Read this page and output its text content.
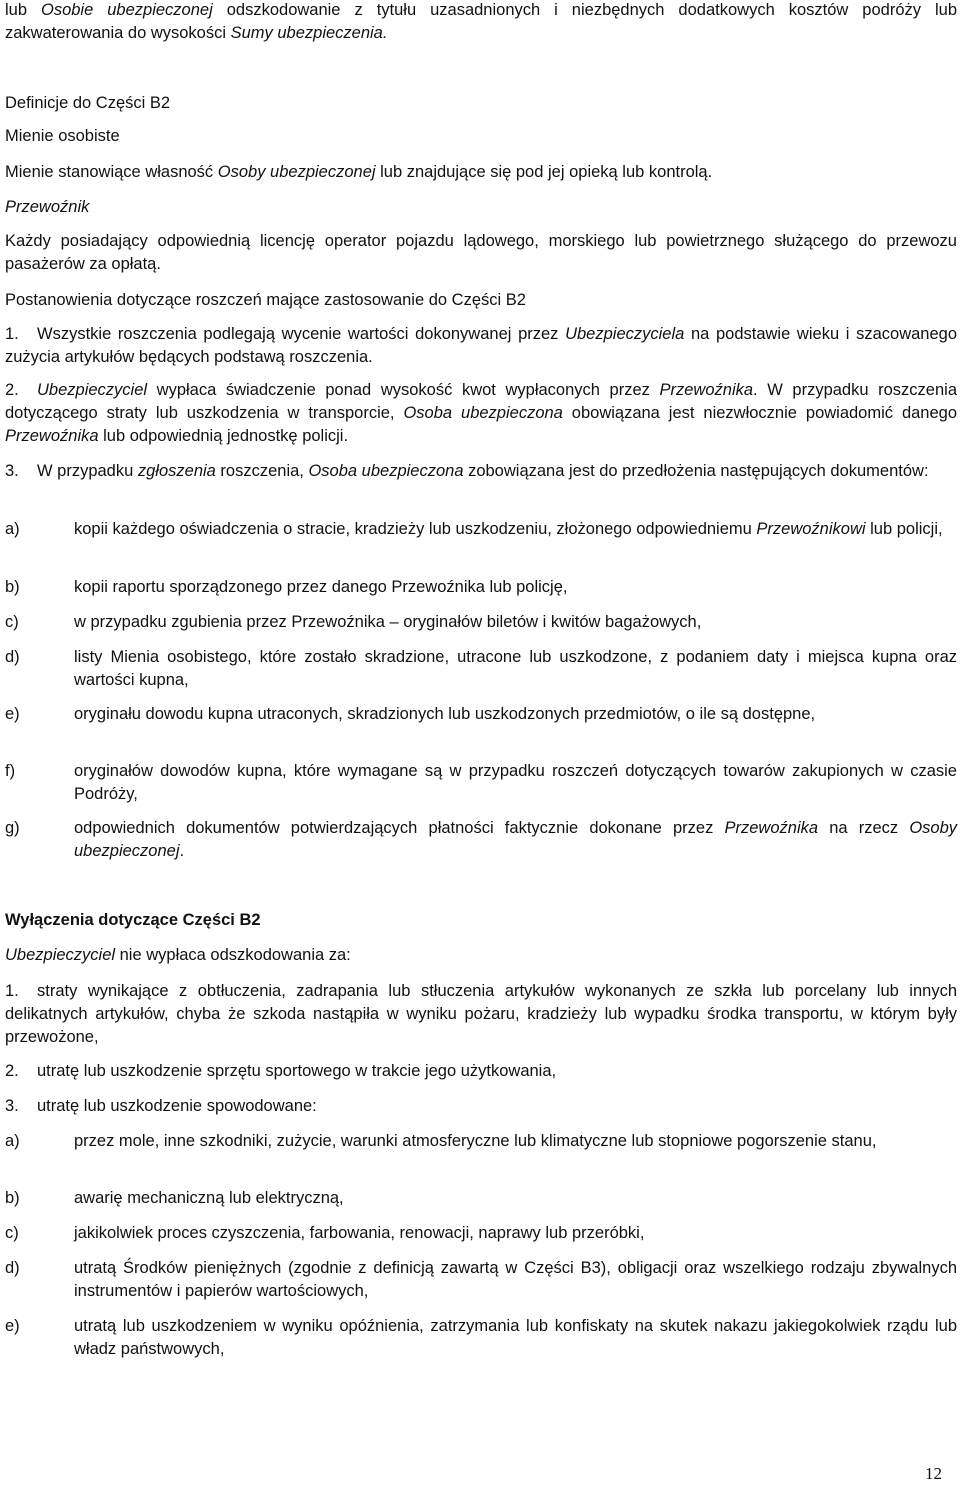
lub Osobie ubezpieczonej odszkodowanie z tytułu uzasadnionych i niezbędnych dodatkowych kosztów podróży lub zakwaterowania do wysokości Sumy ubezpieczenia.

Definicje do Części B2
Mienie osobiste
Mienie stanowiące własność Osoby ubezpieczonej lub znajdujące się pod jej opieką lub kontrolą.
Przewoźnik

Każdy posiadający odpowiednią licencję operator pojazdu lądowego, morskiego lub powietrznego służącego do przewozu pasażerów za opłatą.

Postanowienia dotyczące roszczeń mające zastosowanie do Części B2
1. Wszystkie roszczenia podlegają wycenie wartości dokonywanej przez Ubezpieczyciela na podstawie wieku i szacowanego zużycia artykułów będących podstawą roszczenia.
2. Ubezpieczyciel wypłaca świadczenie ponad wysokość kwot wypłaconych przez Przewoźnika. W przypadku roszczenia dotyczącego straty lub uszkodzenia w transporcie, Osoba ubezpieczona obowiązana jest niezwłocznie powiadomić danego Przewoźnika lub odpowiednią jednostkę policji.
3. W przypadku zgłoszenia roszczenia, Osoba ubezpieczona zobowiązana jest do przedłożenia następujących dokumentów:
a)	kopii każdego oświadczenia o stracie, kradzieży lub uszkodzeniu, złożonego odpowiedniemu Przewoźnikowi lub policji,
b)	kopii raportu sporządzonego przez danego Przewoźnika lub policję,
c)	w przypadku zgubienia przez Przewoźnika – oryginałów biletów i kwitów bagażowych,
d)	listy Mienia osobistego, które zostało skradzione, utracone lub uszkodzone, z podaniem daty i miejsca kupna oraz wartości kupna,
e)	oryginału dowodu kupna utraconych, skradzionych lub uszkodzonych przedmiotów, o ile są dostępne,
f)	oryginałów dowodów kupna, które wymagane są w przypadku roszczeń dotyczących towarów zakupionych w czasie Podróży,
g)	odpowiednich dokumentów potwierdzających płatności faktycznie dokonane przez Przewoźnika na rzecz Osoby ubezpieczonej.
Wyłączenia dotyczące Części B2
Ubezpieczyciel nie wypłaca odszkodowania za:
1. straty wynikające z obtłuczenia, zadrapania lub stłuczenia artykułów wykonanych ze szkła lub porcelany lub innych delikatnych artykułów, chyba że szkoda nastąpiła w wyniku pożaru, kradzieży lub wypadku środka transportu, w którym były przewożone,
2. utratę lub uszkodzenie sprzętu sportowego w trakcie jego użytkowania,
3. utratę lub uszkodzenie spowodowane:
a)	przez mole, inne szkodniki, zużycie, warunki atmosferyczne lub klimatyczne lub stopniowe pogorszenie stanu,
b)	awarię mechaniczną lub elektryczną,
c)	jakikolwiek proces czyszczenia, farbowania, renowacji, naprawy lub przeróbki,
d)	utratą Środków pieniężnych (zgodnie z definicją zawartą w Części B3), obligacji oraz wszelkiego rodzaju zbywalnych instrumentów i papierów wartościowych,
e)	utratą lub uszkodzeniem w wyniku opóźnienia, zatrzymania lub konfiskaty na skutek nakazu jakiegokolwiek rządu lub władz państwowych,
12
